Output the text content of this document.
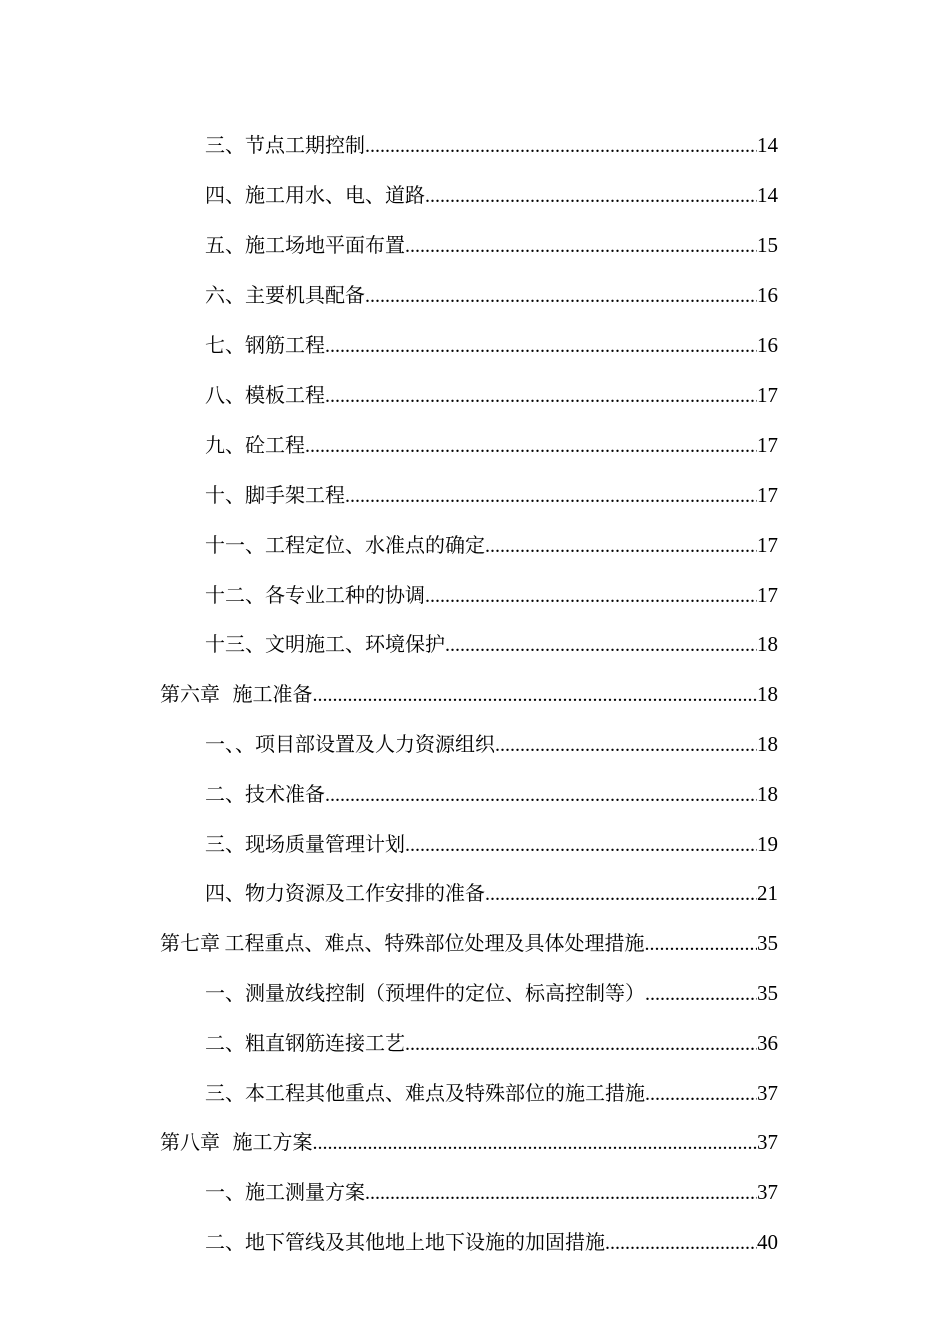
三、节点工期控制 .....	14
四、施工用水、电、道路 .....	14
五、施工场地平面布置 .....	15
六、主要机具配备 .....	16
七、钢筋工程 .....	16
八、模板工程 .....	17
九、砼工程 .....	17
十、脚手架工程 .....	17
十一、工程定位、水准点的确定 .....	17
十二、各专业工种的协调 .....	17
十三、文明施工、环境保护 .....	18
第六章 施工准备 .....	18
一、、项目部设置及人力资源组织 .....	18
二、技术准备 .....	18
三、现场质量管理计划 .....	19
四、物力资源及工作安排的准备 .....	21
第七章 工程重点、难点、特殊部位处理及具体处理措施 .....	35
一、测量放线控制（预埋件的定位、标高控制等） .....	35
二、粗直钢筋连接工艺 .....	36
三、本工程其他重点、难点及特殊部位的施工措施 .....	37
第八章 施工方案 .....	37
一、施工测量方案 .....	37
二、地下管线及其他地上地下设施的加固措施 .....	40
